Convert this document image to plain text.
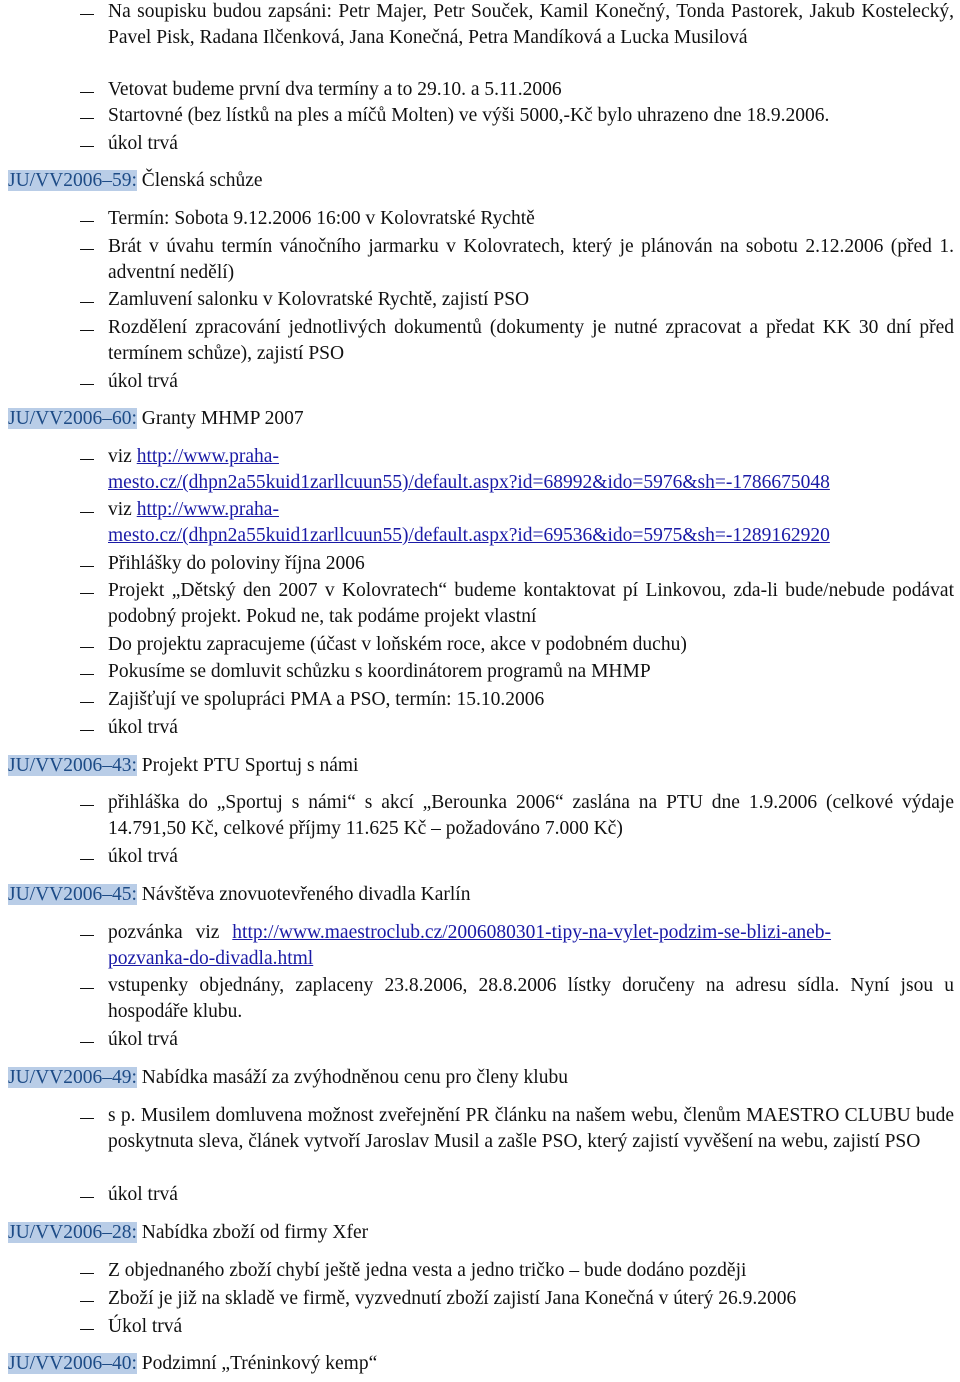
Na soupisku budou zapsáni: Petr Majer, Petr Souček, Kamil Konečný, Tonda Pastorek, Jakub Kostelecký, Pavel Pisk, Radana Ilčenková, Jana Konečná, Petra Mandíková a Lucka Musilová
Vetovat budeme první dva termíny a to 29.10. a 5.11.2006
Startovné (bez lístků na ples a míčů Molten) ve výši 5000,-Kč bylo uhrazeno dne 18.9.2006.
úkol trvá
JU/VV2006–59: Členská schůze
Termín: Sobota 9.12.2006 16:00 v Kolovratské Rychtě
Brát v úvahu termín vánočního jarmarku v Kolovratech, který je plánován na sobotu 2.12.2006 (před 1. adventní nedělí)
Zamluvení salonku v Kolovratské Rychtě, zajistí PSO
Rozdělení zpracování jednotlivých dokumentů (dokumenty je nutné zpracovat a předat KK 30 dní před termínem schůze), zajistí PSO
úkol trvá
JU/VV2006–60: Granty MHMP 2007
viz http://www.praha-
mesto.cz/(dhpn2a55kuid1zarllcuun55)/default.aspx?id=68992&ido=5976&sh=-1786675048
viz http://www.praha-
mesto.cz/(dhpn2a55kuid1zarllcuun55)/default.aspx?id=69536&ido=5975&sh=-1289162920
Přihlášky do poloviny října 2006
Projekt „Dětský den 2007 v Kolovratech“ budeme kontaktovat pí Linkovou, zda-li bude/nebude podávat podobný projekt. Pokud ne, tak podáme projekt vlastní
Do projektu zapracujeme (účast v loňském roce, akce v podobném duchu)
Pokusíme se domluvit schůzku s koordinátorem programů na MHMP
Zajišťují ve spolupráci PMA a PSO, termín: 15.10.2006
úkol trvá
JU/VV2006–43: Projekt PTU Sportuj s námi
přihláška do „Sportuj s námi“ s akcí „Berounka 2006“ zaslána na PTU dne 1.9.2006 (celkové výdaje 14.791,50 Kč, celkové příjmy 11.625 Kč – požadováno 7.000 Kč)
úkol trvá
JU/VV2006–45: Návštěva znovuotevřeného divadla Karlín
pozvánka viz http://www.maestroclub.cz/2006080301-tipy-na-vylet-podzim-se-blizi-aneb-
pozvanka-do-divadla.html
vstupenky objednány, zaplaceny 23.8.2006, 28.8.2006 lístky doručeny na adresu sídla. Nyní jsou u hospodáře klubu.
úkol trvá
JU/VV2006–49: Nabídka masáží za zvýhodněnou cenu pro členy klubu
s p. Musilem domluvena možnost zveřejnění PR článku na našem webu, členům MAESTRO CLUBU bude poskytnuta sleva, článek vytvoří Jaroslav Musil a zašle PSO, který zajistí vyvěšení na webu, zajistí PSO
úkol trvá
JU/VV2006–28: Nabídka zboží od firmy Xfer
Z objednaného zboží chybí ještě jedna vesta a jedno tričko – bude dodáno později
Zboží je již na skladě ve firmě, vyzvednutí zboží zajistí Jana Konečná v úterý 26.9.2006
Úkol trvá
JU/VV2006–40: Podzimní „Tréninkový kemp“
